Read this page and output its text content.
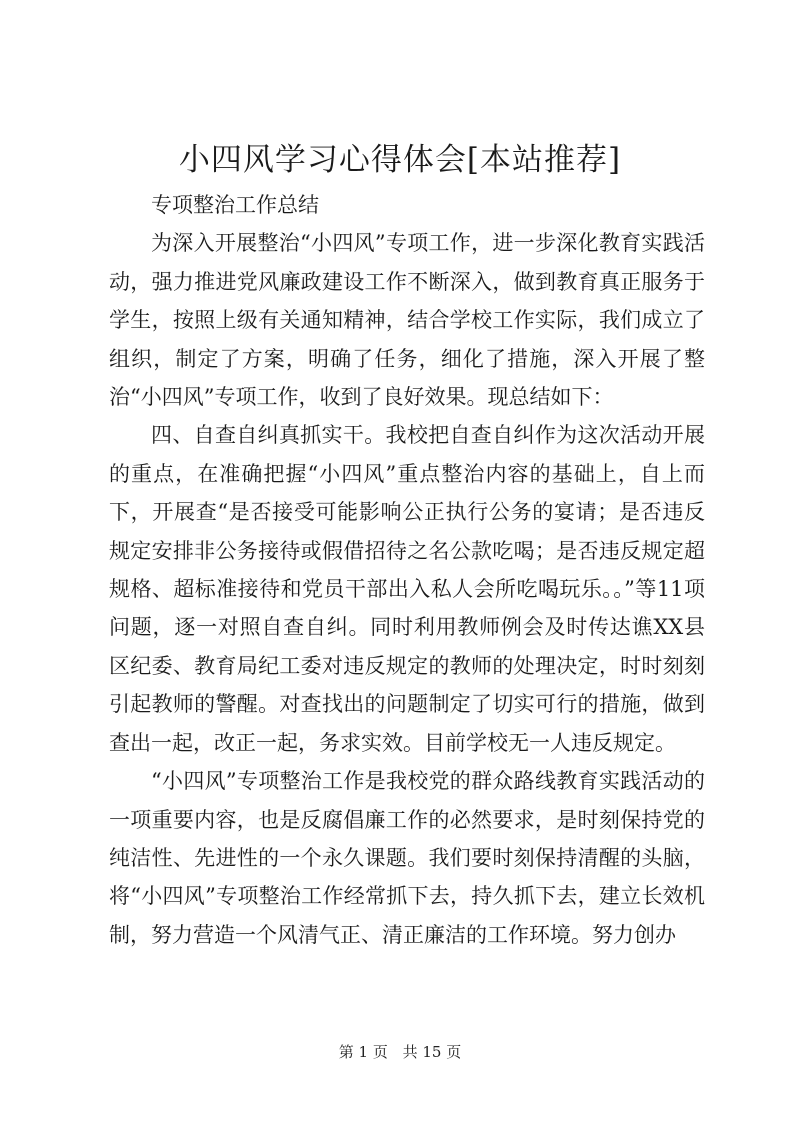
小四风学习心得体会[本站推荐]

专项整治工作总结

为深入开展整治“小四风”专项工作，进一步深化教育实践活动，强力推进党风廉政建设工作不断深入，做到教育真正服务于学生，按照上级有关通知精神，结合学校工作实际，我们成立了组织，制定了方案，明确了任务，细化了措施，深入开展了整治“小四风”专项工作，收到了良好效果。现总结如下：

四、自查自纠真抓实干。我校把自查自纠作为这次活动开展的重点，在准确把握“小四风”重点整治内容的基础上，自上而下，开展查“是否接受可能影响公正执行公务的宴请；是否违反规定安排非公务接待或假借招待之名公款吃喝；是否违反规定超规格、超标准接待和党员干部出入私人会所吃喝玩乐。。”等11项问题，逐一对照自查自纠。同时利用教师例会及时传达谯XX县区纪委、教育局纪工委对违反规定的教师的处理决定，时时刻刻引起教师的警醒。对查找出的问题制定了切实可行的措施，做到查出一起，改正一起，务求实效。目前学校无一人违反规定。

“小四风”专项整治工作是我校党的群众路线教育实践活动的一项重要内容，也是反腐倡廉工作的必然要求，是时刻保持党的纯洁性、先进性的一个永久课题。我们要时刻保持清醒的头脑，将“小四风”专项整治工作经常抓下去，持久抓下去，建立长效机制，努力营造一个风清气正、清正廉洁的工作环境。努力创办

第 1 页 共 15 页
